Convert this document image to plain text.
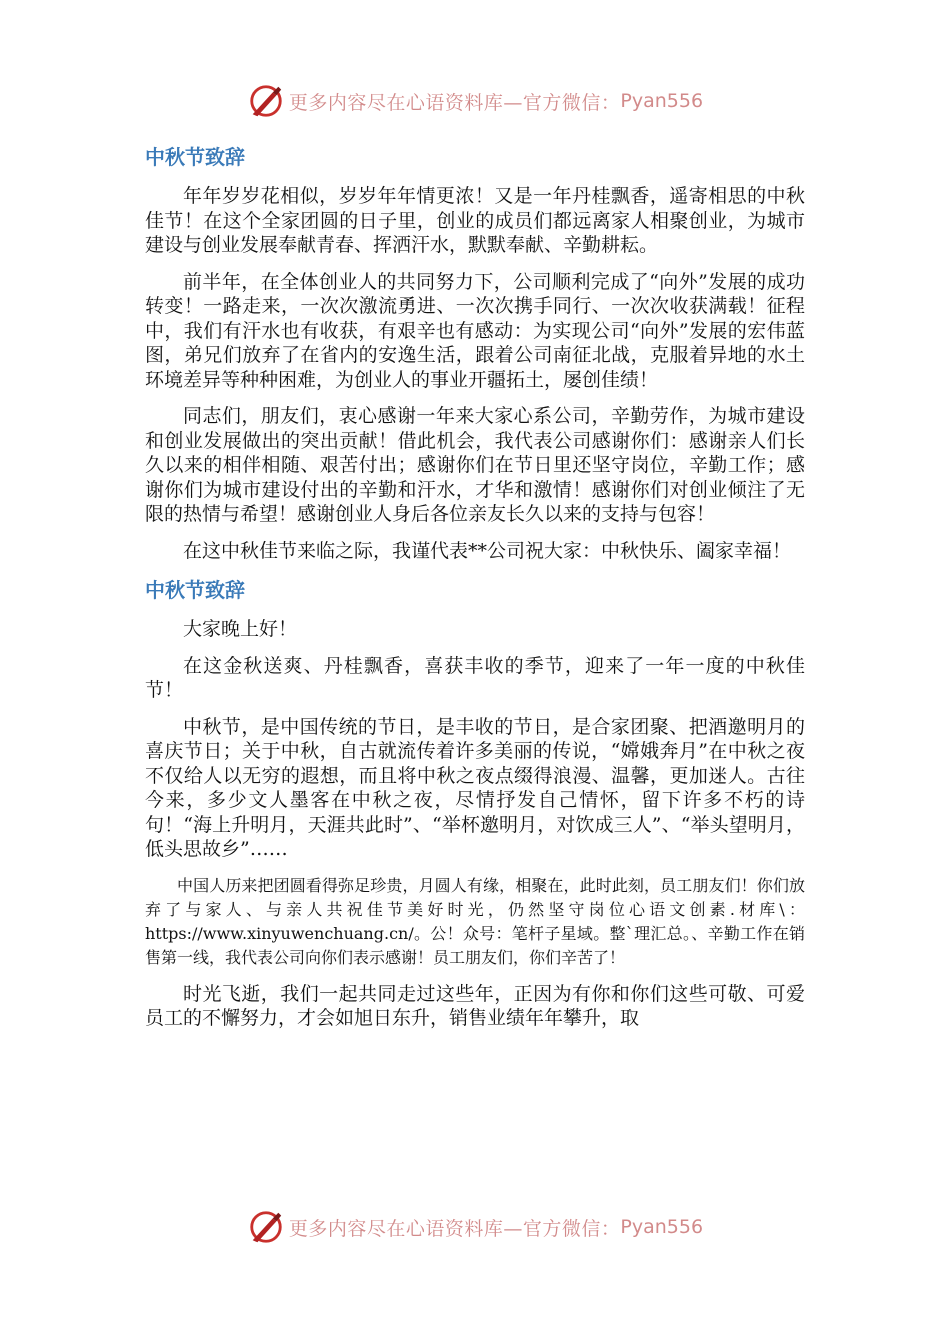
更多内容尽在心语资料库—官方微信： Pyan556
中秋节致辞

年年岁岁花相似，岁岁年年情更浓！又是一年丹桂飘香，遥寄相思的中秋佳节！在这个全家团圆的日子里，创业的成员们都远离家人相聚创业，为城市建设与创业发展奉献青春、挥洒汗水，默默奉献、辛勤耕耘。

前半年，在全体创业人的共同努力下，公司顺利完成了“向外”发展的成功转变！一路走来，一次次激流勇进、一次次携手同行、一次次收获满载！征程中，我们有汗水也有收获，有艰辛也有感动：为实现公司“向外”发展的宏伟蓝图，弟兄们放弃了在省内的安逸生活，跟着公司南征北战，克服着异地的水土环境差异等种种困难，为创业人的事业开疆拓土，屡创佳绩！

同志们，朋友们，衷心感谢一年来大家心系公司，辛勤劳作，为城市建设和创业发展做出的突出贡献！借此机会，我代表公司感谢你们：感谢亲人们长久以来的相伴相随、艰苦付出；感谢你们在节日里还坚守岗位，辛勤工作；感谢你们为城市建设付出的辛勤和汗水，才华和激情！感谢你们对创业倾注了无限的热情与希望！感谢创业人身后各位亲友长久以来的支持与包容！

在这中秋佳节来临之际，我谨代表**公司祝大家：中秋快乐、阖家幸福！

中秋节致辞

大家晚上好！

在这金秋送爽、丹桂飘香，喜获丰收的季节，迎来了一年一度的中秋佳节！

中秋节，是中国传统的节日，是丰收的节日，是合家团聚、把酒邀明月的喜庆节日；关于中秋，自古就流传着许多美丽的传说，“嫦娥奔月”在中秋之夜不仅给人以无穷的遐想，而且将中秋之夜点缀得浪漫、温馨，更加迷人。古往今来，多少文人墨客在中秋之夜，尽情抒发自己情怀，留下许多不朽的诗句！“海上升明月，天涯共此时”、“举杯邀明月，对饮成三人”、“举头望明月，低头思故乡”……

中国人历来把团圆看得弥足珍贵，月圆人有缘，相聚在，此时此刻，员工朋友们！你们放弃了与家人、与亲人共祝佳节美好时光，仍然坚守岗位心语文创素.材库\：https://www.xinyuwenchuang.cn/。公！众号：笔杆子星域。整`理汇总。、辛勤工作在销售第一线，我代表公司向你们表示感谢！员工朋友们，你们辛苦了！

时光飞逝，我们一起共同走过这些年，正因为有你和你们这些可敬、可爱员工的不懈努力，才会如旭日东升，销售业绩年年攀升，取

更多内容尽在心语资料库—官方微信： Pyan556
